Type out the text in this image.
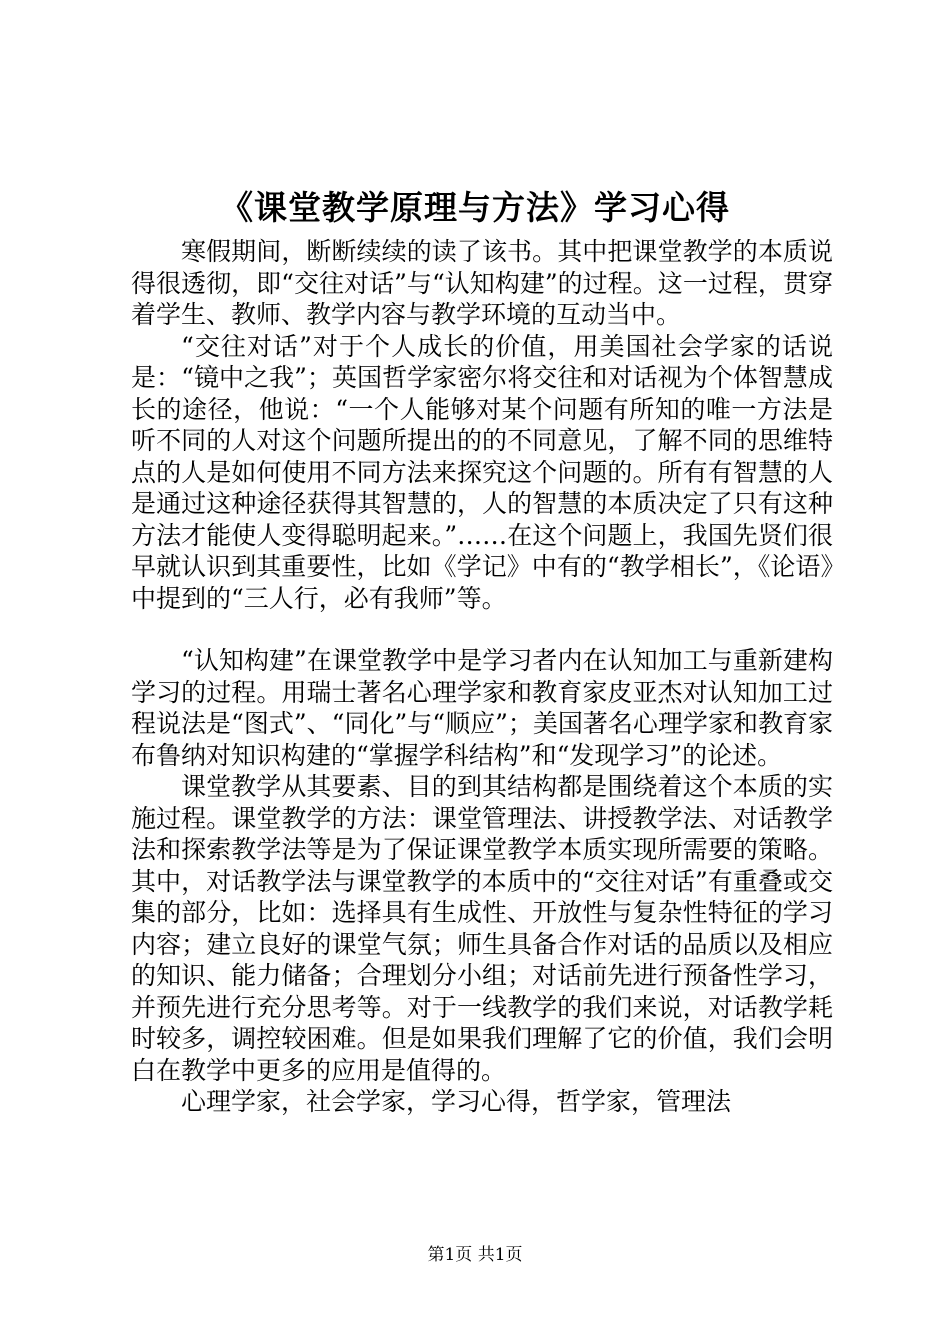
《课堂教学原理与方法》学习心得

寒假期间，断断续续的读了该书。其中把课堂教学的本质说得很透彻，即“交往对话”与“认知构建”的过程。这一过程，贯穿着学生、教师、教学内容与教学环境的互动当中。

“交往对话”对于个人成长的价值，用美国社会学家的话说是：“镜中之我”；英国哲学家密尔将交往和对话视为个体智慧成长的途径，他说：“一个人能够对某个问题有所知的唯一方法是听不同的人对这个问题所提出的的不同意见，了解不同的思维特点的人是如何使用不同方法来探究这个问题的。所有有智慧的人是通过这种途径获得其智慧的，人的智慧的本质决定了只有这种方法才能使人变得聪明起来。”……在这个问题上，我国先贤们很早就认识到其重要性，比如《学记》中有的“教学相长”，《论语》中提到的“三人行，必有我师”等。

“认知构建”在课堂教学中是学习者内在认知加工与重新建构学习的过程。用瑞士著名心理学家和教育家皮亚杰对认知加工过程说法是“图式”、“同化”与“顺应”；美国著名心理学家和教育家布鲁纳对知识构建的“掌握学科结构”和“发现学习”的论述。

课堂教学从其要素、目的到其结构都是围绕着这个本质的实施过程。课堂教学的方法：课堂管理法、讲授教学法、对话教学法和探索教学法等是为了保证课堂教学本质实现所需要的策略。其中，对话教学法与课堂教学的本质中的“交往对话”有重叠或交集的部分，比如：选择具有生成性、开放性与复杂性特征的学习内容；建立良好的课堂气氛；师生具备合作对话的品质以及相应的知识、能力储备；合理划分小组；对话前先进行预备性学习，并预先进行充分思考等。对于一线教学的我们来说，对话教学耗时较多，调控较困难。但是如果我们理解了它的价值，我们会明白在教学中更多的应用是值得的。

心理学家，社会学家，学习心得，哲学家，管理法

第1页 共1页
